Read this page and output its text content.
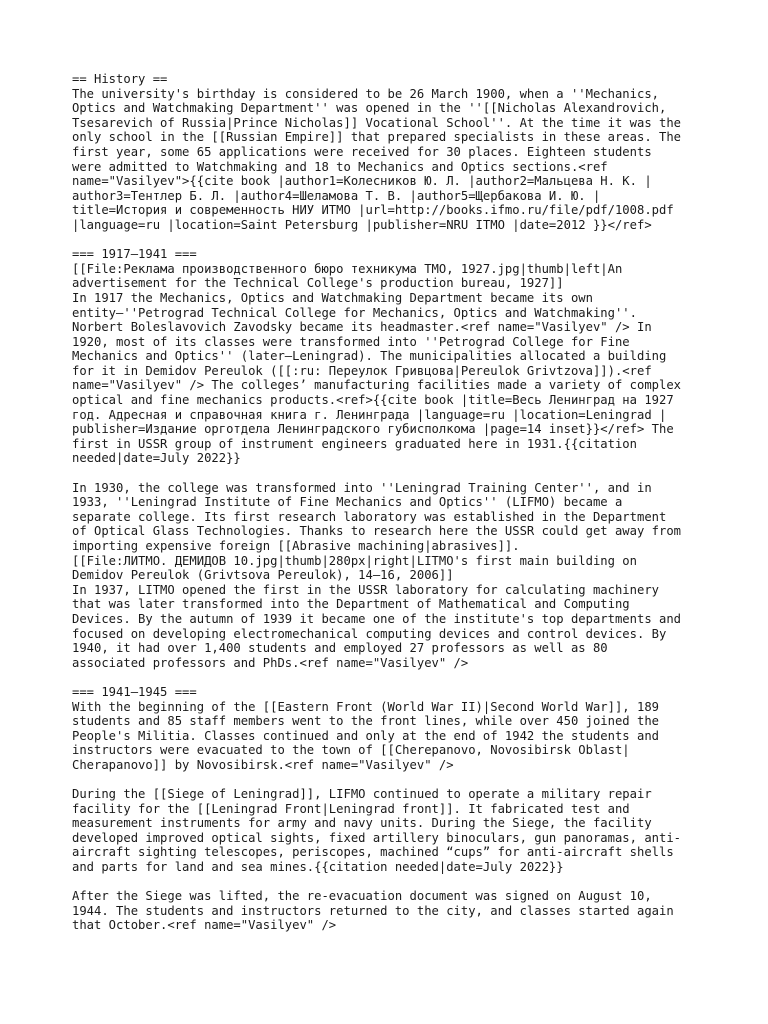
== History ==
The university's birthday is considered to be 26 March 1900, when a ''Mechanics,
Optics and Watchmaking Department'' was opened in the ''[[Nicholas Alexandrovich,
Tsesarevich of Russia|Prince Nicholas]] Vocational School''. At the time it was the
only school in the [[Russian Empire]] that prepared specialists in these areas. The
first year, some 65 applications were received for 30 places. Eighteen students
were admitted to Watchmaking and 18 to Mechanics and Optics sections.<ref
name="Vasilyev">{{cite book |author1=Колесников Ю. Л. |author2=Мальцева Н. К. |
author3=Тентлер Б. Л. |author4=Шеламова Т. В. |author5=Щербакова И. Ю. |
title=История и современность НИУ ИТМО |url=http://books.ifmo.ru/file/pdf/1008.pdf
|language=ru |location=Saint Petersburg |publisher=NRU ITMO |date=2012 }}</ref>
=== 1917–1941 ===
[[File:Реклама производственного бюро техникума ТМО, 1927.jpg|thumb|left|An
advertisement for the Technical College's production bureau, 1927]]
In 1917 the Mechanics, Optics and Watchmaking Department became its own
entity–''Petrograd Technical College for Mechanics, Optics and Watchmaking''.
Norbert Boleslavovich Zavodsky became its headmaster.<ref name="Vasilyev" /> In
1920, most of its classes were transformed into ''Petrograd College for Fine
Mechanics and Optics'' (later–Leningrad). The municipalities allocated a building
for it in Demidov Pereulok ([[:ru: Переулок Гривцова|Pereulok Grivtzova]]).<ref
name="Vasilyev" /> The colleges’ manufacturing facilities made a variety of complex
optical and fine mechanics products.<ref>{{cite book |title=Весь Ленинград на 1927
год. Адресная и справочная книга г. Ленинграда |language=ru |location=Leningrad |
publisher=Издание орготдела Ленинградского губисполкома |page=14 inset}}</ref> The
first in USSR group of instrument engineers graduated here in 1931.{{citation
needed|date=July 2022}}
In 1930, the college was transformed into ''Leningrad Training Center'', and in
1933, ''Leningrad Institute of Fine Mechanics and Optics'' (LIFMO) became a
separate college. Its first research laboratory was established in the Department
of Optical Glass Technologies. Thanks to research here the USSR could get away from
importing expensive foreign [[Abrasive machining|abrasives]].
[[File:ЛИТМО. ДЕМИДОВ 10.jpg|thumb|280px|right|LITMO's first main building on
Demidov Pereulok (Grivtsova Pereulok), 14–16, 2006]]
In 1937, LITMO opened the first in the USSR laboratory for calculating machinery
that was later transformed into the Department of Mathematical and Computing
Devices. By the autumn of 1939 it became one of the institute's top departments and
focused on developing electromechanical computing devices and control devices. By
1940, it had over 1,400 students and employed 27 professors as well as 80
associated professors and PhDs.<ref name="Vasilyev" />
=== 1941–1945 ===
With the beginning of the [[Eastern Front (World War II)|Second World War]], 189
students and 85 staff members went to the front lines, while over 450 joined the
People's Militia. Classes continued and only at the end of 1942 the students and
instructors were evacuated to the town of [[Cherepanovo, Novosibirsk Oblast|
Cherapanovo]] by Novosibirsk.<ref name="Vasilyev" />
During the [[Siege of Leningrad]], LIFMO continued to operate a military repair
facility for the [[Leningrad Front|Leningrad front]]. It fabricated test and
measurement instruments for army and navy units. During the Siege, the facility
developed improved optical sights, fixed artillery binoculars, gun panoramas, anti-
aircraft sighting telescopes, periscopes, machined “cups” for anti-aircraft shells
and parts for land and sea mines.{{citation needed|date=July 2022}}
After the Siege was lifted, the re-evacuation document was signed on August 10,
1944. The students and instructors returned to the city, and classes started again
that October.<ref name="Vasilyev" />
